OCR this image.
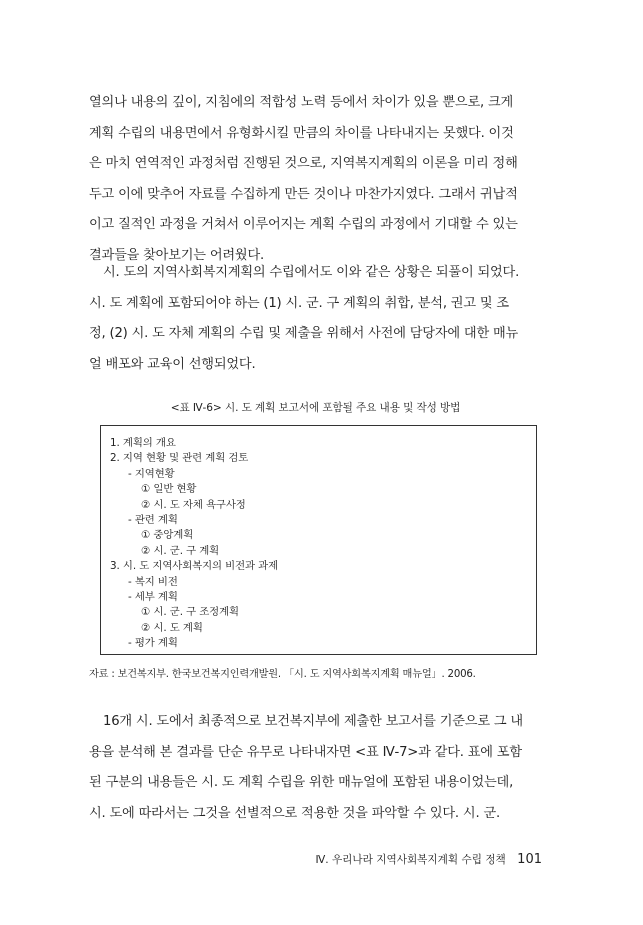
열의나 내용의 깊이, 지침에의 적합성 노력 등에서 차이가 있을 뿐으로, 크게
계획 수립의 내용면에서 유형화시킬 만큼의 차이를 나타내지는 못했다. 이것
은 마치 연역적인 과정처럼 진행된 것으로, 지역복지계획의 이론을 미리 정해
두고 이에 맞추어 자료를 수집하게 만든 것이나 마찬가지였다. 그래서 귀납적
이고 질적인 과정을 거쳐서 이루어지는 계획 수립의 과정에서 기대할 수 있는
결과들을 찾아보기는 어려웠다.
시. 도의 지역사회복지계획의 수립에서도 이와 같은 상황은 되풀이 되었다.
시. 도 계획에 포함되어야 하는 (1) 시. 군. 구 계획의 취합, 분석, 권고 및 조
정, (2) 시. 도 자체 계획의 수립 및 제출을 위해서 사전에 담당자에 대한 매뉴
얼 배포와 교육이 선행되었다.
<표 Ⅳ-6> 시. 도 계획 보고서에 포함될 주요 내용 및 작성 방법
1. 계획의 개요
2. 지역 현황 및 관련 계획 검토
- 지역현황
① 일반 현황
② 시. 도 자체 욕구사정
- 관련 계획
① 중앙계획
② 시. 군. 구 계획
3. 시. 도 지역사회복지의 비전과 과제
- 복지 비전
- 세부 계획
① 시. 군. 구 조정계획
② 시. 도 계획
- 평가 계획
자료 : 보건복지부. 한국보건복지인력개발원. 「시. 도 지역사회복지계획 매뉴얼」. 2006.
16개 시. 도에서 최종적으로 보건복지부에 제출한 보고서를 기준으로 그 내
용을 분석해 본 결과를 단순 유무로 나타내자면 <표 Ⅳ-7>과 같다. 표에 포함
된 구분의 내용들은 시. 도 계획 수립을 위한 매뉴얼에 포함된 내용이었는데,
시. 도에 따라서는 그것을 선별적으로 적용한 것을 파악할 수 있다. 시. 군.
Ⅳ. 우리나라 지역사회복지계획 수립 정책 101
